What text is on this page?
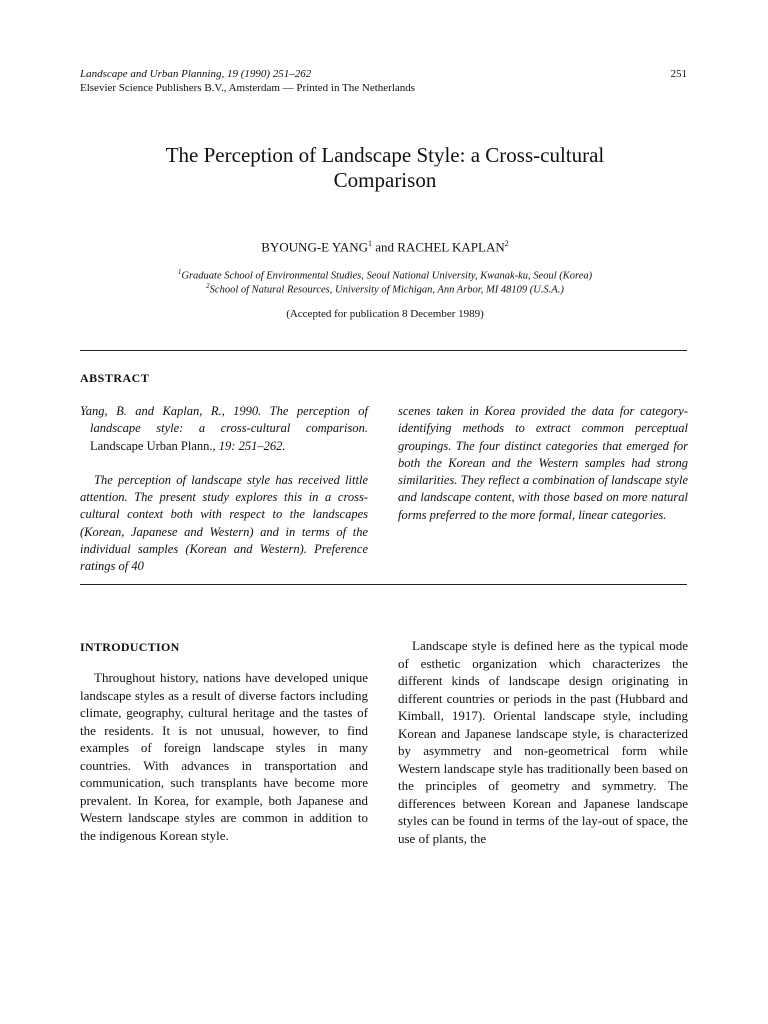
Landscape and Urban Planning, 19 (1990) 251–262
Elsevier Science Publishers B.V., Amsterdam — Printed in The Netherlands
251
The Perception of Landscape Style: a Cross-cultural
Comparison
BYOUNG-E YANG$^1$ and RACHEL KAPLAN$^2$
$^1$Graduate School of Environmental Studies, Seoul National University, Kwanak-ku, Seoul (Korea)
$^2$School of Natural Resources, University of Michigan, Ann Arbor, MI 48109 (U.S.A.)
(Accepted for publication 8 December 1989)
ABSTRACT

Yang, B. and Kaplan, R., 1990. The perception of landscape style: a cross-cultural comparison. Landscape Urban Plann., 19: 251–262.

The perception of landscape style has received little attention. The present study explores this in a cross-cultural context both with respect to the landscapes (Korean, Japanese and Western) and in terms of the individual samples (Korean and Western). Preference ratings of 40

scenes taken in Korea provided the data for category-identifying methods to extract common perceptual groupings. The four distinct categories that emerged for both the Korean and the Western samples had strong similarities. They reflect a combination of landscape style and landscape content, with those based on more natural forms preferred to the more formal, linear categories.

INTRODUCTION

Throughout history, nations have developed unique landscape styles as a result of diverse factors including climate, geography, cultural heritage and the tastes of the residents. It is not unusual, however, to find examples of foreign landscape styles in many countries. With advances in transportation and communication, such transplants have become more prevalent. In Korea, for example, both Japanese and Western landscape styles are common in addition to the indigenous Korean style.

Landscape style is defined here as the typical mode of esthetic organization which characterizes the different kinds of landscape design originating in different countries or periods in the past (Hubbard and Kimball, 1917). Oriental landscape style, including Korean and Japanese landscape style, is characterized by asymmetry and non-geometrical form while Western landscape style has traditionally been based on the principles of geometry and symmetry. The differences between Korean and Japanese landscape styles can be found in terms of the lay-out of space, the use of plants, the
